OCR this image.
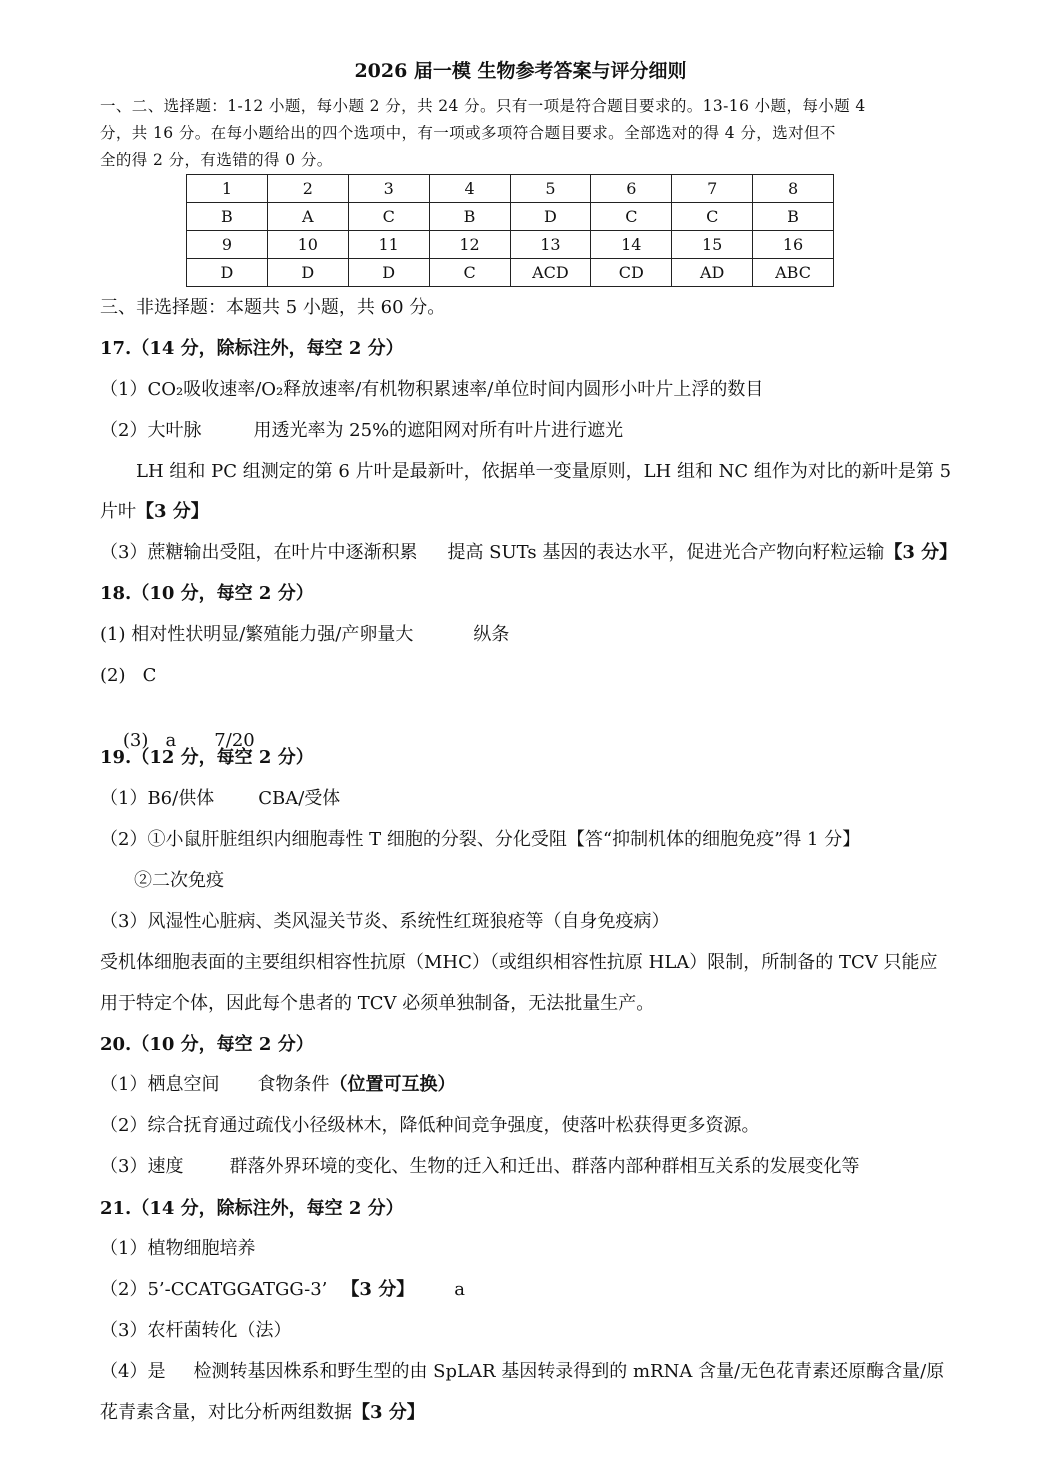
2026 届一模 生物参考答案与评分细则
一、二、选择题：1-12 小题，每小题 2 分，共 24 分。只有一项是符合题目要求的。13-16 小题，每小题 4
分，共 16 分。在每小题给出的四个选项中，有一项或多项符合题目要求。全部选对的得 4 分，选对但不
全的得 2 分，有选错的得 0 分。
1	2	3	4	5	6	7	8
B	A	C	B	D	C	C	B
9	10	11	12	13	14	15	16
D	D	D	C	ACD	CD	AD	ABC
三、非选择题：本题共 5 小题，共 60 分。
17.（14 分，除标注外，每空 2 分）
（1）CO₂吸收速率/O₂释放速率/有机物积累速率/单位时间内圆形小叶片上浮的数目
（2）大叶脉	用透光率为 25%的遮阳网对所有叶片进行遮光
LH 组和 PC 组测定的第 6 片叶是最新叶，依据单一变量原则，LH 组和 NC 组作为对比的新叶是第 5
片叶【3 分】
（3）蔗糖输出受阻，在叶片中逐渐积累 提高 SUTs 基因的表达水平，促进光合产物向籽粒运输【3 分】
18.（10 分，每空 2 分）
(1) 相对性状明显/繁殖能力强/产卵量大	纵条
(2)   C

(3)   a 7/20

19.（12 分，每空 2 分）
（1）B6/供体 CBA/受体
（2）①小鼠肝脏组织内细胞毒性 T 细胞的分裂、分化受阻【答“抑制机体的细胞免疫”得 1 分】
②二次免疫
（3）风湿性心脏病、类风湿关节炎、系统性红斑狼疮等（自身免疫病）
受机体细胞表面的主要组织相容性抗原（MHC）（或组织相容性抗原 HLA）限制，所制备的 TCV 只能应
用于特定个体，因此每个患者的 TCV 必须单独制备，无法批量生产。
20.（10 分，每空 2 分）
（1）栖息空间 食物条件（位置可互换）
（2）综合抚育通过疏伐小径级林木，降低种间竞争强度，使落叶松获得更多资源。
（3）速度	群落外界环境的变化、生物的迁入和迁出、群落内部种群相互关系的发展变化等
21.（14 分，除标注外，每空 2 分）
（1）植物细胞培养
（2）5’-CCATGGATGG-3’ 【3 分】 a
（3）农杆菌转化（法）
（4）是 检测转基因株系和野生型的由 SpLAR 基因转录得到的 mRNA 含量/无色花青素还原酶含量/原
花青素含量，对比分析两组数据【3 分】
